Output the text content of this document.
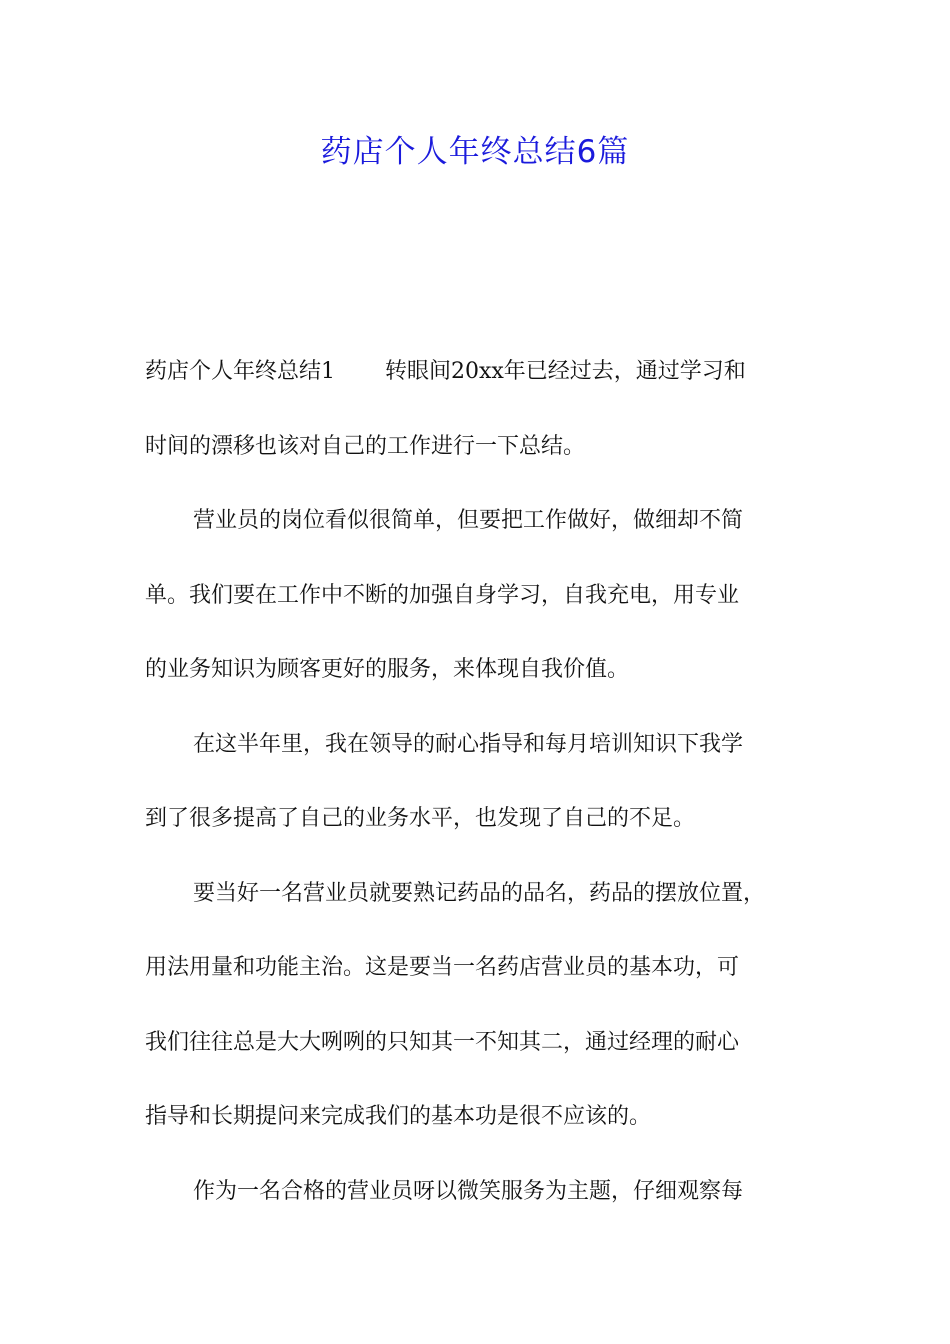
药店个人年终总结6篇
药店个人年终总结1 转眼间20xx年已经过去，通过学习和
时间的漂移也该对自己的工作进行一下总结。
营业员的岗位看似很简单，但要把工作做好，做细却不简
单。我们要在工作中不断的加强自身学习，自我充电，用专业
的业务知识为顾客更好的服务，来体现自我价值。
在这半年里，我在领导的耐心指导和每月培训知识下我学
到了很多提高了自己的业务水平，也发现了自己的不足。
要当好一名营业员就要熟记药品的品名，药品的摆放位置，
用法用量和功能主治。这是要当一名药店营业员的基本功，可
我们往往总是大大咧咧的只知其一不知其二，通过经理的耐心
指导和长期提问来完成我们的基本功是很不应该的。
作为一名合格的营业员呀以微笑服务为主题，仔细观察每
